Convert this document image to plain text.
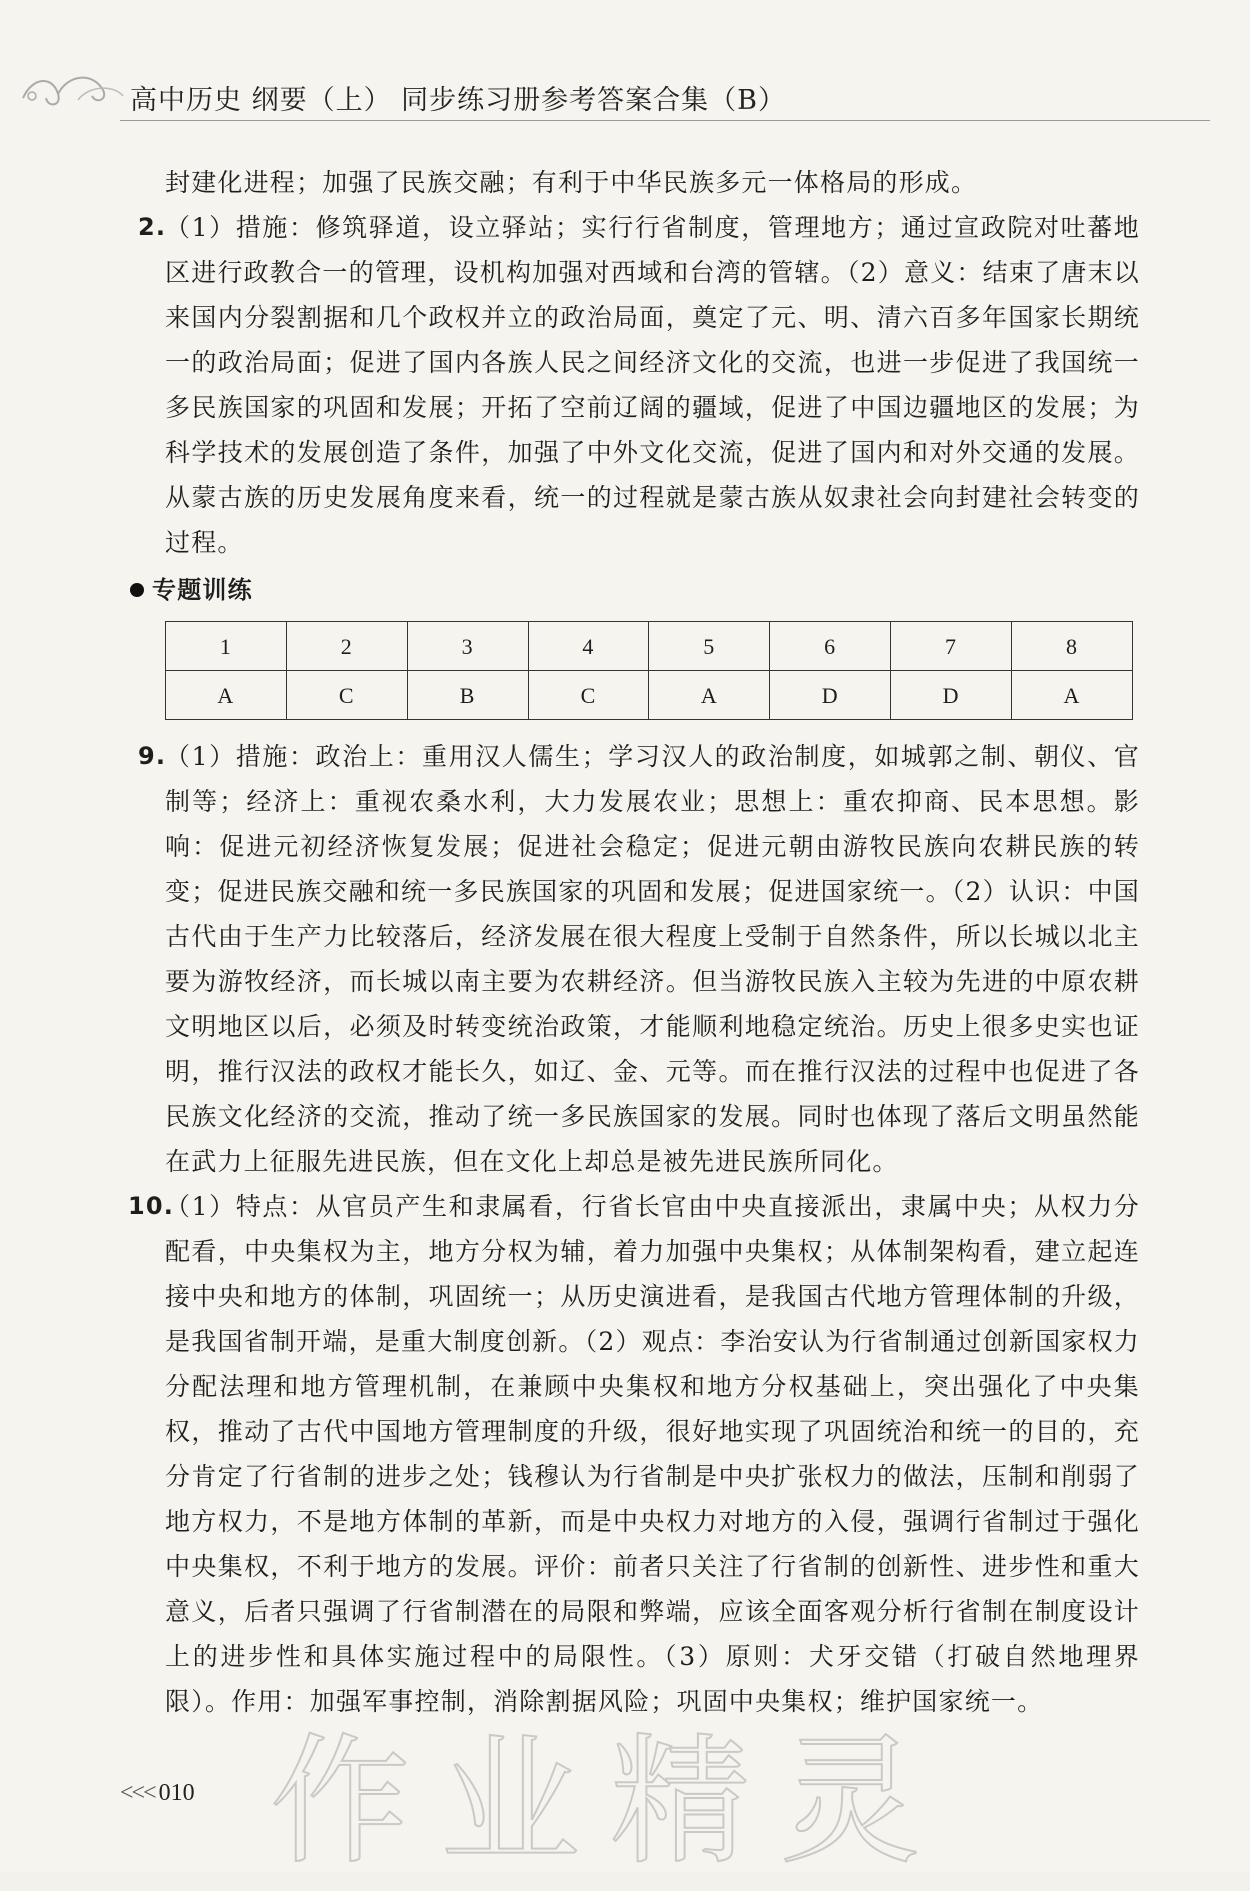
高中历史 纲要（上） 同步练习册参考答案合集（B）
封建化进程；加强了民族交融；有利于中华民族多元一体格局的形成。
2.
（1）措施：修筑驿道，设立驿站；实行行省制度，管理地方；通过宣政院对吐蕃地区进行政教合一的管理，设机构加强对西域和台湾的管辖。（2）意义：结束了唐末以来国内分裂割据和几个政权并立的政治局面，奠定了元、明、清六百多年国家长期统一的政治局面；促进了国内各族人民之间经济文化的交流，也进一步促进了我国统一多民族国家的巩固和发展；开拓了空前辽阔的疆域，促进了中国边疆地区的发展；为科学技术的发展创造了条件，加强了中外文化交流，促进了国内和对外交通的发展。从蒙古族的历史发展角度来看，统一的过程就是蒙古族从奴隶社会向封建社会转变的过程。
专题训练
1	2	3	4	5	6	7	8
A	C	B	C	A	D	D	A
9.
（1）措施：政治上：重用汉人儒生；学习汉人的政治制度，如城郭之制、朝仪、官制等；经济上：重视农桑水利，大力发展农业；思想上：重农抑商、民本思想。影响：促进元初经济恢复发展；促进社会稳定；促进元朝由游牧民族向农耕民族的转变；促进民族交融和统一多民族国家的巩固和发展；促进国家统一。（2）认识：中国古代由于生产力比较落后，经济发展在很大程度上受制于自然条件，所以长城以北主要为游牧经济，而长城以南主要为农耕经济。但当游牧民族入主较为先进的中原农耕文明地区以后，必须及时转变统治政策，才能顺利地稳定统治。历史上很多史实也证明，推行汉法的政权才能长久，如辽、金、元等。而在推行汉法的过程中也促进了各民族文化经济的交流，推动了统一多民族国家的发展。同时也体现了落后文明虽然能在武力上征服先进民族，但在文化上却总是被先进民族所同化。
10.
（1）特点：从官员产生和隶属看，行省长官由中央直接派出，隶属中央；从权力分配看，中央集权为主，地方分权为辅，着力加强中央集权；从体制架构看，建立起连接中央和地方的体制，巩固统一；从历史演进看，是我国古代地方管理体制的升级，是我国省制开端，是重大制度创新。（2）观点：李治安认为行省制通过创新国家权力分配法理和地方管理机制，在兼顾中央集权和地方分权基础上，突出强化了中央集权，推动了古代中国地方管理制度的升级，很好地实现了巩固统治和统一的目的，充分肯定了行省制的进步之处；钱穆认为行省制是中央扩张权力的做法，压制和削弱了地方权力，不是地方体制的革新，而是中央权力对地方的入侵，强调行省制过于强化中央集权，不利于地方的发展。评价：前者只关注了行省制的创新性、进步性和重大意义，后者只强调了行省制潜在的局限和弊端，应该全面客观分析行省制在制度设计上的进步性和具体实施过程中的局限性。（3）原则：犬牙交错（打破自然地理界限）。作用：加强军事控制，消除割据风险；巩固中央集权；维护国家统一。
作业精灵
<<< 010
